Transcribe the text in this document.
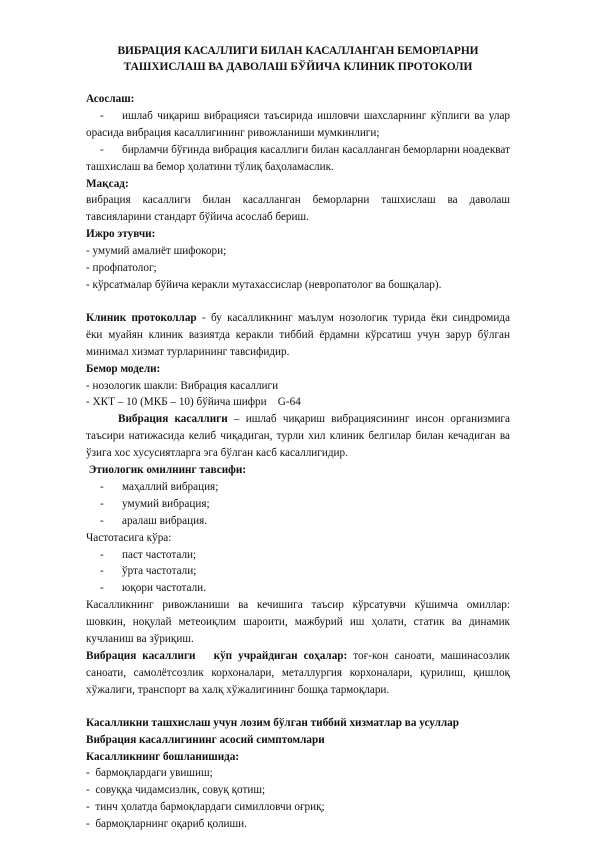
ВИБРАЦИЯ КАСАЛЛИГИ БИЛАН КАСАЛЛАНГАН БЕМОРЛАРНИ
ТАШХИСЛАШ ВА ДАВОЛАШ БЎЙИЧА КЛИНИК ПРОТОКОЛИ
Асослаш:
- ишлаб чиқариш вибрацияси таъсирида ишловчи шахсларнинг кўплиги ва улар
орасида вибрация касаллигининг ривожланиши мумкинлиги;
- бирламчи бўғинда вибрация касаллиги билан касалланган беморларни ноадекват
ташхислаш ва бемор ҳолатини тўлиқ баҳоламаслик.
Мақсад:
вибрация касаллиги билан касалланган беморларни ташхислаш ва даволаш
тавсияларини стандарт бўйича асослаб бериш.
Ижро этувчи:
- умумий амалиёт шифокори;
- профпатолог;
- кўрсатмалар бўйича керакли мутахассислар (невропатолог ва бошқалар).
Клиник протоколлар - бу касалликнинг маълум нозологик турида ёки синдромида
ёки муайян клиник вазиятда керакли тиббий ёрдамни кўрсатиш учун зарур бўлган
минимал хизмат турларининг тавсифидир.
Бемор модели:
- нозологик шакли: Вибрация касаллиги
- ХКТ – 10 (МКБ – 10) бўйича шифри    G-64
Вибрация касаллиги – ишлаб чиқариш вибрациясининг инсон организмига
таъсири натижасида келиб чиқадиган, турли хил клиник белгилар билан кечадиган ва
ўзига хос хусусиятларга эга бўлган касб касаллигидир.
Этиологик омилнинг тавсифи:
- маҳаллий вибрация;
- умумий вибрация;
- аралаш вибрация.
Частотасига кўра:
- паст частотали;
- ўрта частотали;
- юқори частотали.
Касалликнинг ривожланиши ва кечишига таъсир кўрсатувчи кўшимча омиллар:
шовкин, ноқулай метеоиқлим шароити, мажбурий иш ҳолати, статик ва динамик
кучланиш ва зўриқиш.
Вибрация касаллиги   кўп учрайдиган соҳалар: тоғ-кон саноати, машинасозлик
саноати, самолётсозлик корхоналари, металлургия корхоналари, қурилиш, қишлоқ
хўжалиги, транспорт ва халқ хўжалигининг бошқа тармоқлари.
Касалликни ташхислаш учун лозим бўлган тиббий хизматлар ва усуллар
Вибрация касаллигининг асосий симптомлари
Касалликнинг бошланишида:
-  бармоқлардаги увишиш;
-  совуққа чидамсизлик, совуқ қотиш;
-  тинч ҳолатда бармоқлардаги симилловчи оғриқ;
-  бармоқларнинг оқариб қолиши.
